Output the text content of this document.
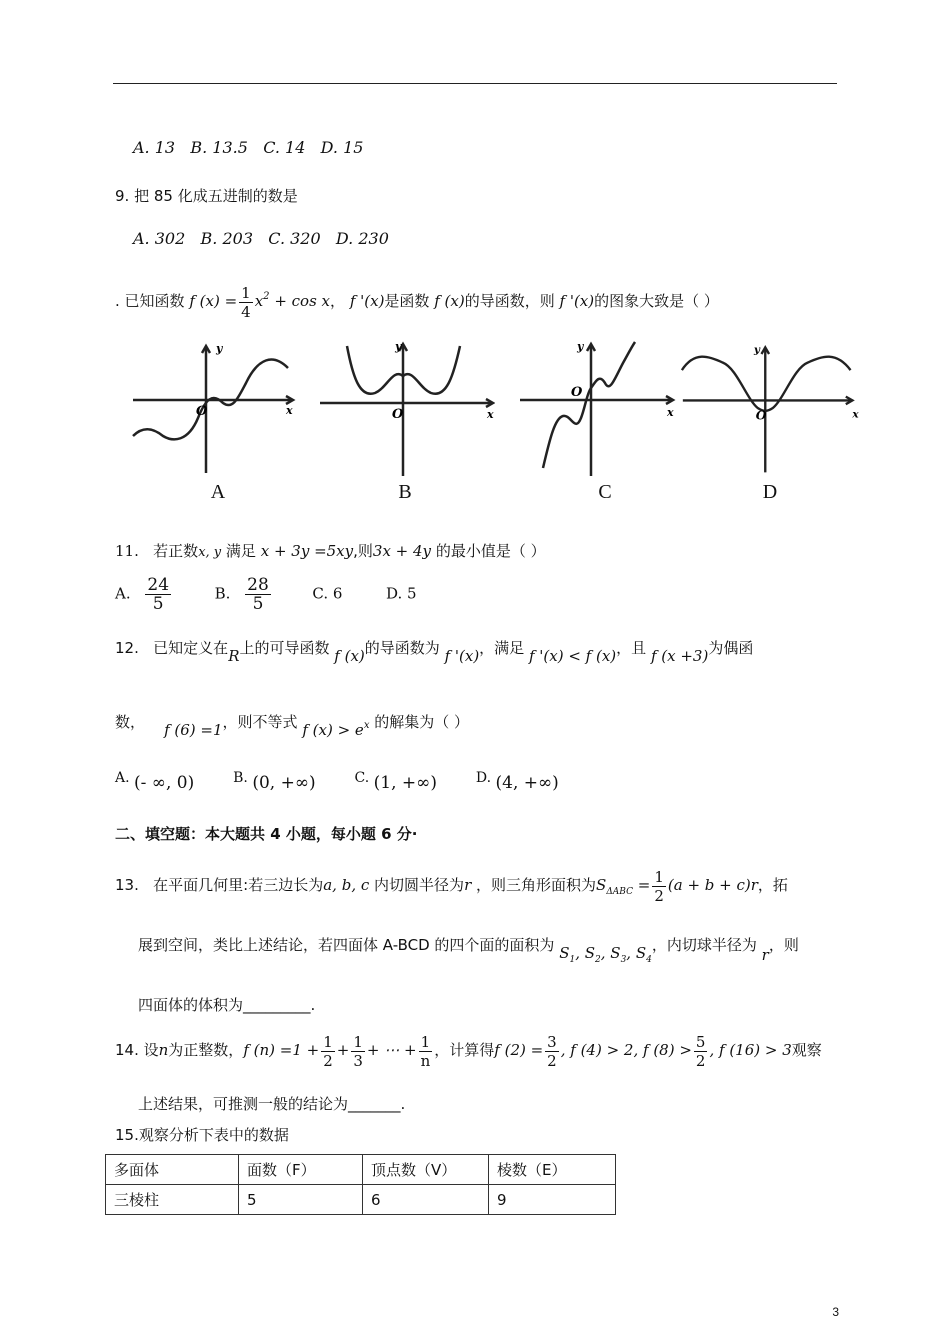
A. 13 B. 13.5 C. 14 D. 15
9. 把 85 化成五进制的数是
A. 302 B. 203 C. 320 D. 230
. 已知函数 f $(x) = \frac{1}{4} x^2 + \cos x$， f '(x)是函数 f (x)的导函数，则 f '(x)的图象大致是（ ）
y
x
O
A
y
x
O
B
y
x
O
C
y
x
O
D
11. 若正数x, y 满足 x + 3y =5xy,则3x + 4y 的最小值是（ ）
A. $\frac{24}{5}$	B. $\frac{28}{5}$	C. 6	D. 5
12. 已知定义在R上的可导函数 f (x)的导函数为 f '(x)，满足 f '(x) < f (x)，且 f (x +3)为偶函
数， f (6) =1，则不等式 f $(x) > e^x$ 的解集为（ ）
A. (- ∞, 0)	B. (0, +∞)	C. (1, +∞)	D. (4, +∞)
二、填空题：本大题共 4 小题，每小题 6 分·
13. 在平面几何里:若三边长为a, b, c 内切圆半径为r ，则三角形面积为$S_{\Delta ABC} = \frac{1}{2} (a + b + c)r$，拓
展到空间，类比上述结论，若四面体 A-BCD 的四个面的面积为 $S_1$, $S_2$, $S_3$, $S_4$，内切球半径为 r，则
四面体的体积为_________.
14. 设n为正整数，f $(n) =1 + \frac{1}{2} + \frac{1}{3}$ + ⋯ + $\frac{1}{n}$ ，计算得f $(2) = \frac{3}{2}$ , f (4) > 2, f $(8) > \frac{5}{2}$ , f (16) > 3观察
上述结果，可推测一般的结论为_______.
15.观察分析下表中的数据
多面体	面数（F）	顶点数（V）	棱数（E）
三棱柱	5	6	9
3
